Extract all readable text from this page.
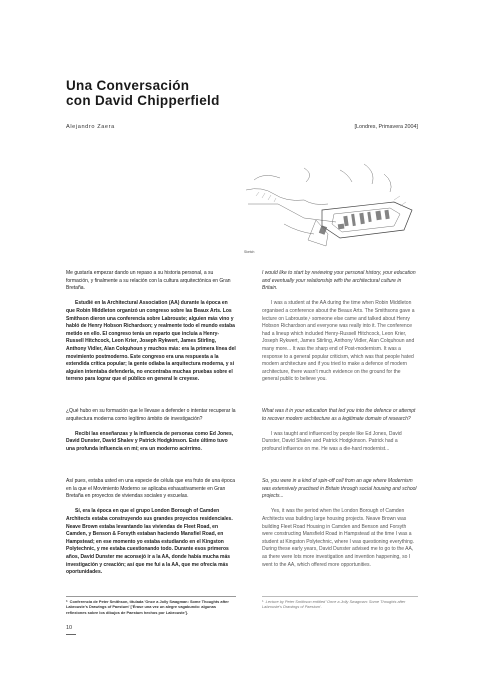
Una Conversación
con David Chipperfield
Alejandro Zaera	[Londres, Primavera 2004]
Sketch

Me gustaría empezar dando un repaso a su historia personal, a su formación, y finalmente a su relación con la cultura arquitectónica en Gran Bretaña.

Estudié en la Architectural Association (AA) durante la época en que Robin Middleton organizó un congreso sobre las Beaux Arts. Los Smithson dieron una conferencia sobre Labrouste; alguien más vino y habló de Henry Hobson Richardson; y realmente todo el mundo estaba metido en ello. El congreso tenía un reparto que incluía a Henry-Russell Hitchcock, Leon Krier, Joseph Rykwert, James Stirling, Anthony Vidler, Alan Colquhoun y muchos más: era la primera línea del movimiento postmoderno. Este congreso era una respuesta a la extendida crítica popular; la gente odiaba la arquitectura moderna, y si alguien intentaba defenderla, no encontraba muchas pruebas sobre el terreno para lograr que el público en general le creyese.

¿Qué hubo en su formación que le llevase a defender o intentar recuperar la arquitectura moderna como legítimo ámbito de investigación?

Recibí las enseñanzas y la influencia de personas como Ed Jones, David Dunster, David Shalev y Patrick Hodgkinson. Este último tuvo una profunda influencia en mí; era un moderno acérrimo.

Así pues, estaba usted en una especie de célula que era fruto de una época en la que el Movimiento Moderno se aplicaba exhaustivamente en Gran Bretaña en proyectos de viviendas sociales y escuelas.

Sí, era la época en que el grupo London Borough of Camden Architects estaba construyendo sus grandes proyectos residenciales. Neave Brown estaba levantando las viviendas de Fleet Road, en Camden, y Benson & Forsyth estaban haciendo Mansfiel Road, en Hampstead; en ese momento yo estaba estudiando en el Kingston Polytechnic, y me estaba cuestionando todo. Durante esos primeros años, David Dunster me aconsejó ir a la AA, donde había mucha más investigación y creación; así que me fui a la AA, que me ofrecía más oportunidades.

I would like to start by reviewing your personal history, your education and eventually your relationship with the architectural culture in Britain.

I was a student at the AA during the time when Robin Middleton organised a conference about the Beaux Arts. The Smithsons gave a lecture on Labrouste,¹ someone else came and talked about Henry Hobson Richardson and everyone was really into it. The conference had a lineup which included Henry-Russell Hitchcock, Leon Krier, Joseph Rykwert, James Stirling, Anthony Vidler, Alan Colquhoun and many more... It was the sharp end of Post-modernism. It was a response to a general popular criticism, which was that people hated modern architecture and if you tried to make a defence of modern architecture, there wasn't much evidence on the ground for the general public to believe you.

What was it in your education that led you into the defence or attempt to recover modern architecture as a legitimate domain of research?

I was taught and influenced by people like Ed Jones, David Dunster, David Shalev and Patrick Hodgkinson. Patrick had a profound influence on me. He was a die-hard modernist...

So, you were in a kind of spin-off cell from an age where Modernism was extensively practised in Britain through social housing and school projects...

Yes, it was the period when the London Borough of Camden Architects was building large housing projects. Neave Brown was building Fleet Road Housing in Camden and Benson and Forsyth were constructing Mansfield Road in Hampstead at the time I was a student at Kingston Polytechnic, where I was questioning everything. During these early years, David Dunster advised me to go to the AA, as there were lots more investigation and invention happening, so I went to the AA, which offered more opportunities.

$^1$ Conferencia de Peter Smithson, titulada 'Once a Jolly Swagman: Some Thoughts after Labrouste's Drawings of Paestum' ['Érase una vez un alegre vagabundo: algunas reflexiones sobre los dibujos de Paestum hechos por Labrouste'].
$^1$ Lecture by Peter Smithson entitled 'Once a Jolly Swagman: Some Thoughts after Labrouste's Drawings of Paestum'.
10
